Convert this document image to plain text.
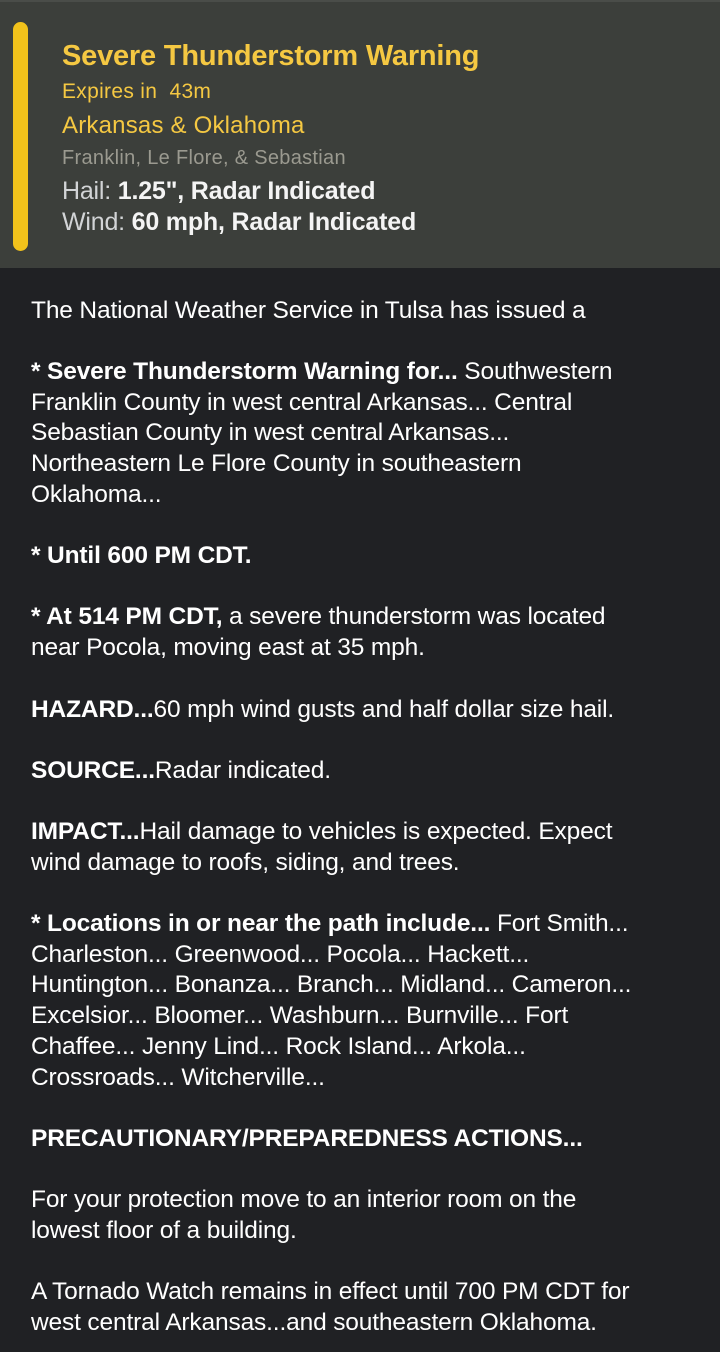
Severe Thunderstorm Warning
Expires in  43m
Arkansas & Oklahoma
Franklin, Le Flore, & Sebastian
Hail: 1.25", Radar Indicated
Wind: 60 mph, Radar Indicated
The National Weather Service in Tulsa has issued a
* Severe Thunderstorm Warning for... Southwestern
Franklin County in west central Arkansas... Central
Sebastian County in west central Arkansas...
Northeastern Le Flore County in southeastern
Oklahoma...
* Until 600 PM CDT.
* At 514 PM CDT, a severe thunderstorm was located
near Pocola, moving east at 35 mph.
HAZARD...60 mph wind gusts and half dollar size hail.
SOURCE...Radar indicated.
IMPACT...Hail damage to vehicles is expected. Expect
wind damage to roofs, siding, and trees.
* Locations in or near the path include... Fort Smith...
Charleston... Greenwood... Pocola... Hackett...
Huntington... Bonanza... Branch... Midland... Cameron...
Excelsior... Bloomer... Washburn... Burnville... Fort
Chaffee... Jenny Lind... Rock Island... Arkola...
Crossroads... Witcherville...
PRECAUTIONARY/PREPAREDNESS ACTIONS...
For your protection move to an interior room on the
lowest floor of a building.
A Tornado Watch remains in effect until 700 PM CDT for
west central Arkansas...and southeastern Oklahoma.
